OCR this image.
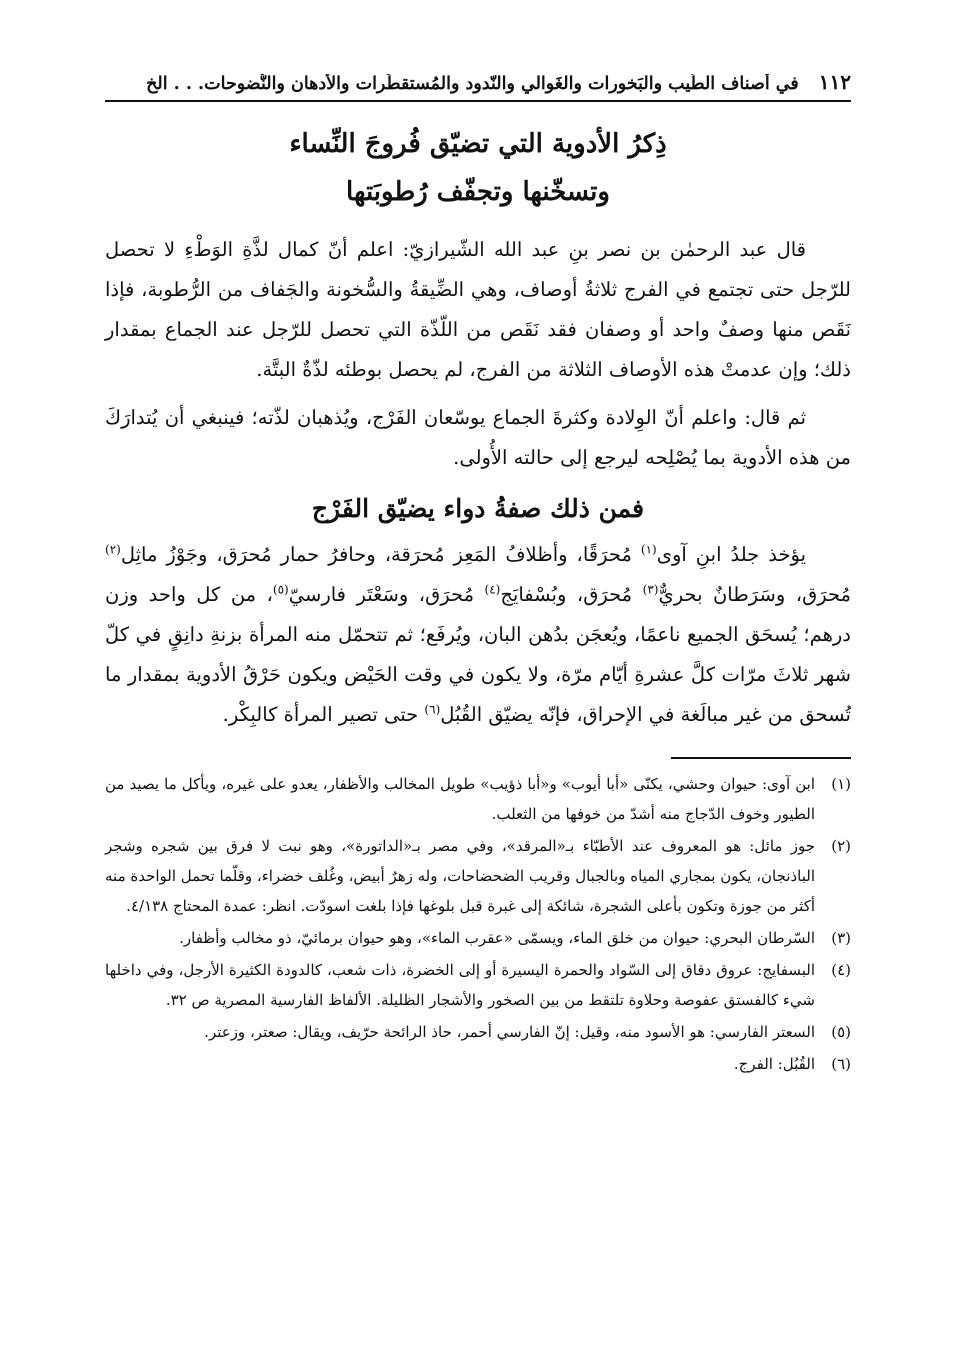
١١٢
في أصناف الطّيب والبَخورات والغَوالي والنّدود والمُستقطَرات والأدهان والنُّضوحات. . . الخ
ذِكرُ الأدوية التي تضيّق فُروجَ النِّساء
وتسخّنها وتجفّف رُطوبَتها

قال عبد الرحمٰن بن نصر بنِ عبد الله الشّيرازيّ: اعلم أنّ كمال لذَّةِ الوَطْءِ لا تحصل للرّجل حتى تجتمع في الفرج ثلاثةُ أوصاف، وهي الضِّيقةُ والسُّخونة والجَفاف من الرُّطوبة، فإذا نَقَص منها وصفٌ واحد أو وصفان فقد نَقَص من اللّذّة التي تحصل للرّجل عند الجماع بمقدار ذلك؛ وإن عدمتْ هذه الأوصاف الثلاثة من الفرج، لم يحصل بوطئه لذّةٌ البتَّة.

ثم قال: واعلم أنّ الوِلادة وكثرةَ الجماع يوسّعان الفَرْج، ويُذهبان لذّته؛ فينبغي أن يُتدارَكَ من هذه الأدوية بما يُصْلِحه ليرجع إلى حالته الأُولى.

فمن ذلك صفةُ دواء يضيّق الفَرْج

يؤخذ جلدُ ابنِ آوى$^{(١)}$ مُحرَقًا، وأظلافُ المَعِز مُحرَقة، وحافرُ حمار مُحرَق، وجَوْزُ ماثِل$^{(٢)}$ مُحرَق، وسَرَطانٌ بحريٌّ$^{(٣)}$ مُحرَق، وبُسْفايَج$^{(٤)}$ مُحرَق، وسَعْتَر فارسيّ$^{(٥)}$، من كل واحد وزن درهم؛ يُسحَق الجميع ناعمًا، ويُعجَن بدُهن البان، ويُرفَع؛ ثم تتحمّل منه المرأة بزنةِ دانِقٍ في كلّ شهر ثلاثَ مرّات كلَّ عشرةِ أيّام مرّة، ولا يكون في وقت الحَيْض ويكون حَرْقُ الأدوية بمقدار ما تُسحق من غير مبالَغة في الإحراق، فإنّه يضيّق القُبُل$^{(٦)}$ حتى تصير المرأة كالبِكْر.

(١)
ابن آوى: حيوان وحشي، يكنّى «أبا أيوب» و«أبا ذؤيب» طويل المخالب والأظفار، يعدو على غيره، ويأكل ما يصيد من الطيور وخوف الدّجاج منه أشدّ من خوفها من الثعلب.
(٢)
جوز مائل: هو المعروف عند الأطبّاء بـ«المرقد»، وفي مصر بـ«الداتورة»، وهو نبت لا فرق بين شجره وشجر الباذنجان، يكون بمجاري المياه وبالجبال وقريب الضحضاحات، وله زهرٌ أبيض، وغُلف خضراء، وقلّما تحمل الواحدة منه أكثر من جوزة وتكون بأعلى الشجرة، شائكة إلى غبرة قبل بلوغها فإذا بلغت اسودّت. انظر: عمدة المحتاج ٤/١٣٨.
(٣)
السّرطان البحري: حيوان من خلق الماء، ويسمّى «عقرب الماء»، وهو حيوان برمائيّ، ذو مخالب وأظفار.
(٤)
البسفايج: عروق دقاق إلى السّواد والحمرة اليسيرة أو إلى الخضرة، ذات شعب، كالدودة الكثيرة الأرجل، وفي داخلها شيء كالفستق عفوصة وحلاوة تلتقط من بين الصخور والأشجار الظليلة. الألفاظ الفارسية المصرية ص ٣٢.
(٥)
السعتر الفارسي: هو الأسود منه، وقيل: إنّ الفارسي أحمر، حاذ الرائحة حرّيف، ويقال: صعتر، وزعتر.
(٦)
القُبُل: الفرج.
